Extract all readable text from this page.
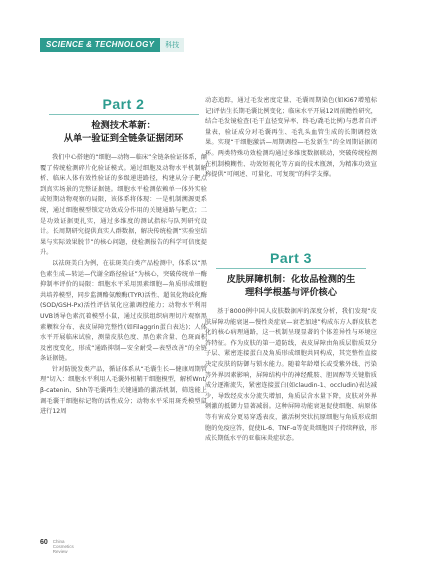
SCIENCE & TECHNOLOGY	科技
Part 2
检测技术革新：
从单一验证到全链条证据闭环

我们中心搭建的“细胞—动物—临床”全链条验证体系，颠覆了传统检测碎片化验证模式。通过细胞及动物水平机制解析、临床人体有效性验证的多级递进路径，构建从分子靶点到真实场景的完整证据链。细胞水平检测依赖单一体外实验或短期动物观察的局限，该体系将体现：一是机制溯源更系统，通过细胞模型锁定功效成分作用的关键通路与靶点；二是功效证据更扎实，通过多维度的测试指标与队列研究设计。长周期研究提供真实人群数据，解决传统检测“实验室结果与实际效果脱节”的核心问题，使检测报告的科学可信度提升。

以祛斑美白为例，在祛斑美白类产品检测中，体系以“黑色素生成—转运—代谢全路径验证”为核心，突破传统单一酶抑制率评价的局限：细胞水平采用黑素细胞—角质形成细胞共培养模型，同步监测酪氨酸酶(TYR)活性、超氧化物歧化酶(SOD/GSH-Px)活性评估氧化应激调控能力；动物水平利用UVB诱导色素沉着模型小鼠，通过皮肤组织病理切片观察黑素颗粒分布、表皮屏障完整性(如Filaggrin蛋白表达)；人体水平开展临床试验，测量皮肤色度、黑色素含量、色斑面积及密度变化，形成“通路抑制—安全耐受—表型改善”的全链条证据链。

针对防脱发类产品，循证体系从“毛囊生长—健康周期管理”切入：细胞水平利用人毛囊外根鞘干细胞模型，解析Wnt/β-catenin、Shh等毛囊再生关键通路的激活机制，筛选能上调毛囊干细胞标记物的活性成分；动物水平采用斑秃模型鼠进行12周

动态追踪，通过毛发密度定量、毛囊周期染色(如Ki67增殖标记)评估生长期毛囊比例变化；临床水平开展12周前瞻性研究，结合毛发镜检查(毛干直径变异率、终毛/毳毛比例)与患者自评量表，验证成分对毛囊再生、毛乳头血管生成的长期调控效果。实现“干细胞激活—周期调控—毛发新生”的全周期证据闭环。两类特殊功效检测均通过多维度数据联动，突破传统检测在机制模糊性、功效短视化等方面的技术瓶颈，为精准功效宣称提供“可阐述、可量化、可复现”的科学支撑。

Part 3
皮肤屏障机制：化妆品检测的生
理科学根基与评价核心

基于8000例中国人皮肤数据库的深度分析，我们发现“皮肤屏障功能衰退—慢性炎症衰—衰老加速”构成东方人群皮肤老化的核心病理通路，这一机制呈现显著的个体差异性与环境应答特征。作为皮肤的第一道防线，表皮屏障由角质层脂质双分子层、紧密连接蛋白及角质形成细胞共同构成，其完整性直接决定皮肤的防御与锁水能力。随着年龄增长或受紫外线、污染等外界因素影响，屏障结构中的神经酰胺、胆固醇等关键脂质成分逐渐流失，紧密连接蛋白(如claudin-1、occludin)表达减少，导致经皮水分流失增加，角质层含水量下降，皮肤对外界刺激的抵御力显著减弱。这种屏障功能衰退促使细胞、病原体等有害成分更易穿透表皮，激活树突状抗原细胞与角质形成细胞的免疫应答，促使IL-6、TNF-α等促炎细胞因子持续释放，形成长期低水平的亚临床炎症状态。

60 China
Cosmetics
Review
